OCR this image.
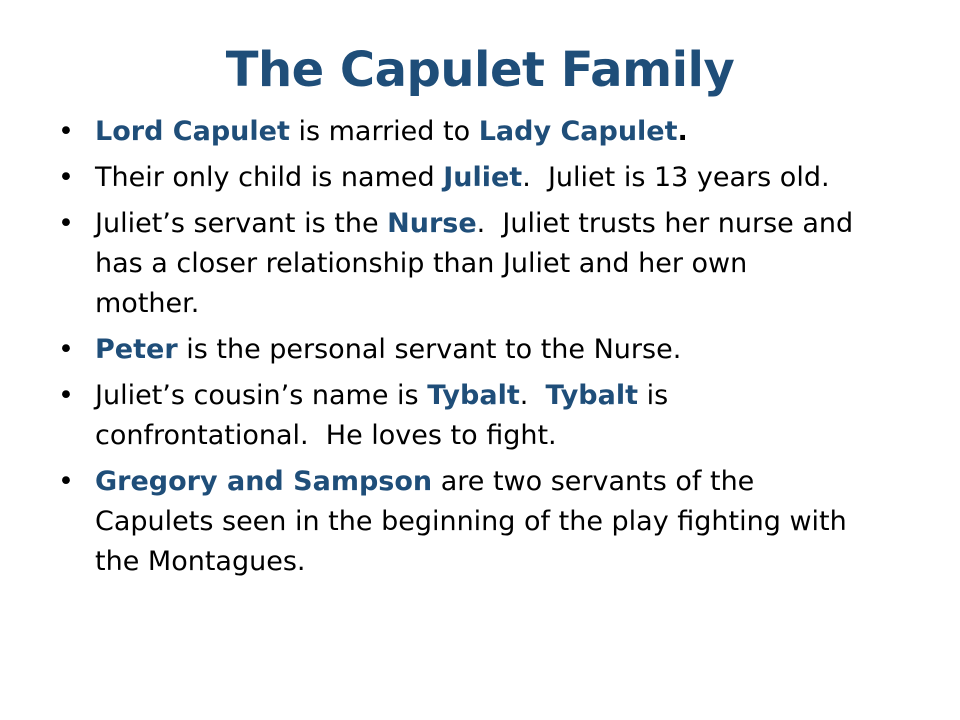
The Capulet Family
• Lord Capulet is married to Lady Capulet.
• Their only child is named Juliet.  Juliet is 13 years old.
• Juliet’s servant is the Nurse.  Juliet trusts her nurse and has a closer relationship than Juliet and her own mother.
• Peter is the personal servant to the Nurse.
• Juliet’s cousin’s name is Tybalt.  Tybalt is confrontational.  He loves to fight.
• Gregory and Sampson are two servants of the Capulets seen in the beginning of the play fighting with the Montagues.
